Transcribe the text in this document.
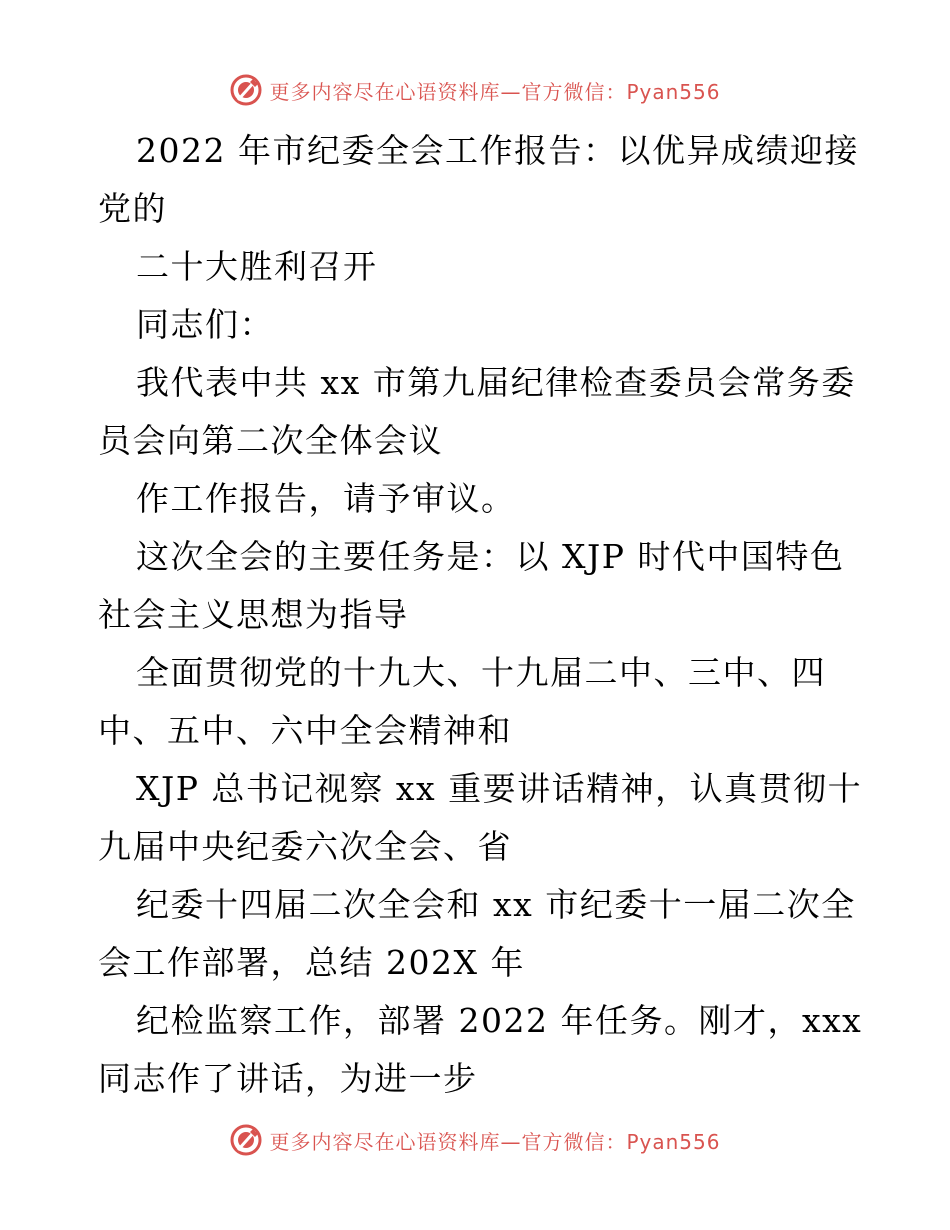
更多内容尽在心语资料库—官方微信：Pyan556
2022 年市纪委全会工作报告：以优异成绩迎接
党的
二十大胜利召开
同志们：
我代表中共 xx 市第九届纪律检查委员会常务委
员会向第二次全体会议
作工作报告，请予审议。
这次全会的主要任务是：以 XJP 时代中国特色
社会主义思想为指导
全面贯彻党的十九大、十九届二中、三中、四
中、五中、六中全会精神和
XJP 总书记视察 xx 重要讲话精神，认真贯彻十
九届中央纪委六次全会、省
纪委十四届二次全会和 xx 市纪委十一届二次全
会工作部署，总结 202X 年
纪检监察工作，部署 2022 年任务。刚才，xxx
同志作了讲话，为进一步
更多内容尽在心语资料库—官方微信：Pyan556
